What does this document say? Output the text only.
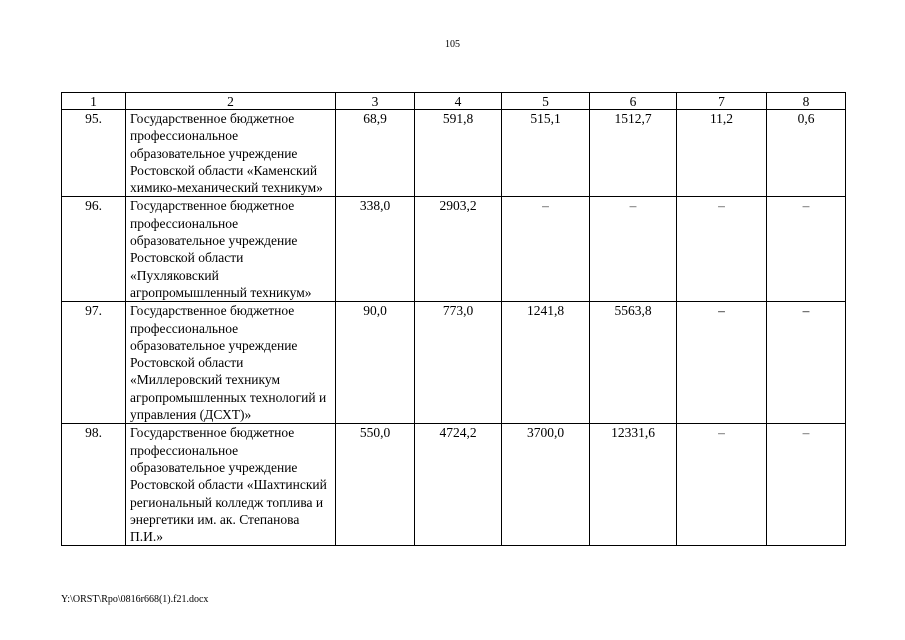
105
1	2	3	4	5	6	7	8
95.	Государственное бюджетное профессиональное образовательное учреждение Ростовской области «Каменский химико-механический техникум»	68,9	591,8	515,1	1512,7	11,2	0,6
96.	Государственное бюджетное профессиональное образовательное учреждение Ростовской области «Пухляковский агропромышленный техникум»	338,0	2903,2	–	–	–	–
97.	Государственное бюджетное профессиональное образовательное учреждение Ростовской области «Миллеровский техникум агропромышленных технологий и управления (ДСХТ)»	90,0	773,0	1241,8	5563,8	–	–
98.	Государственное бюджетное профессиональное образовательное учреждение Ростовской области «Шахтинский региональный колледж топлива и энергетики им. ак. Степанова П.И.»	550,0	4724,2	3700,0	12331,6	–	–
Y:\ORST\Rpo\0816r668(1).f21.docx
